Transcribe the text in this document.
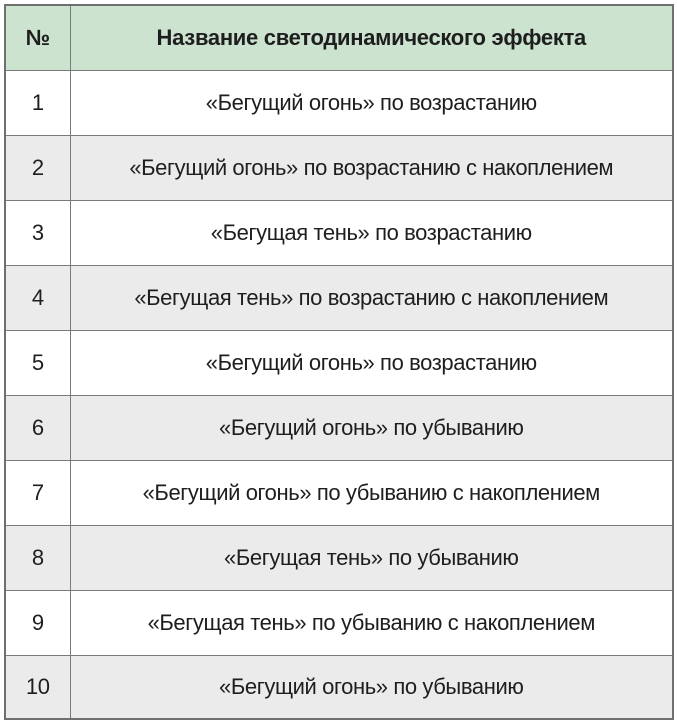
№	Название светодинамического эффекта
1	«Бегущий огонь» по возрастанию
2	«Бегущий огонь» по возрастанию с накоплением
3	«Бегущая тень» по возрастанию
4	«Бегущая тень» по возрастанию с накоплением
5	«Бегущий огонь» по возрастанию
6	«Бегущий огонь» по убыванию
7	«Бегущий огонь» по убыванию с накоплением
8	«Бегущая тень» по убыванию
9	«Бегущая тень» по убыванию с накоплением
10	«Бегущий огонь» по убыванию
